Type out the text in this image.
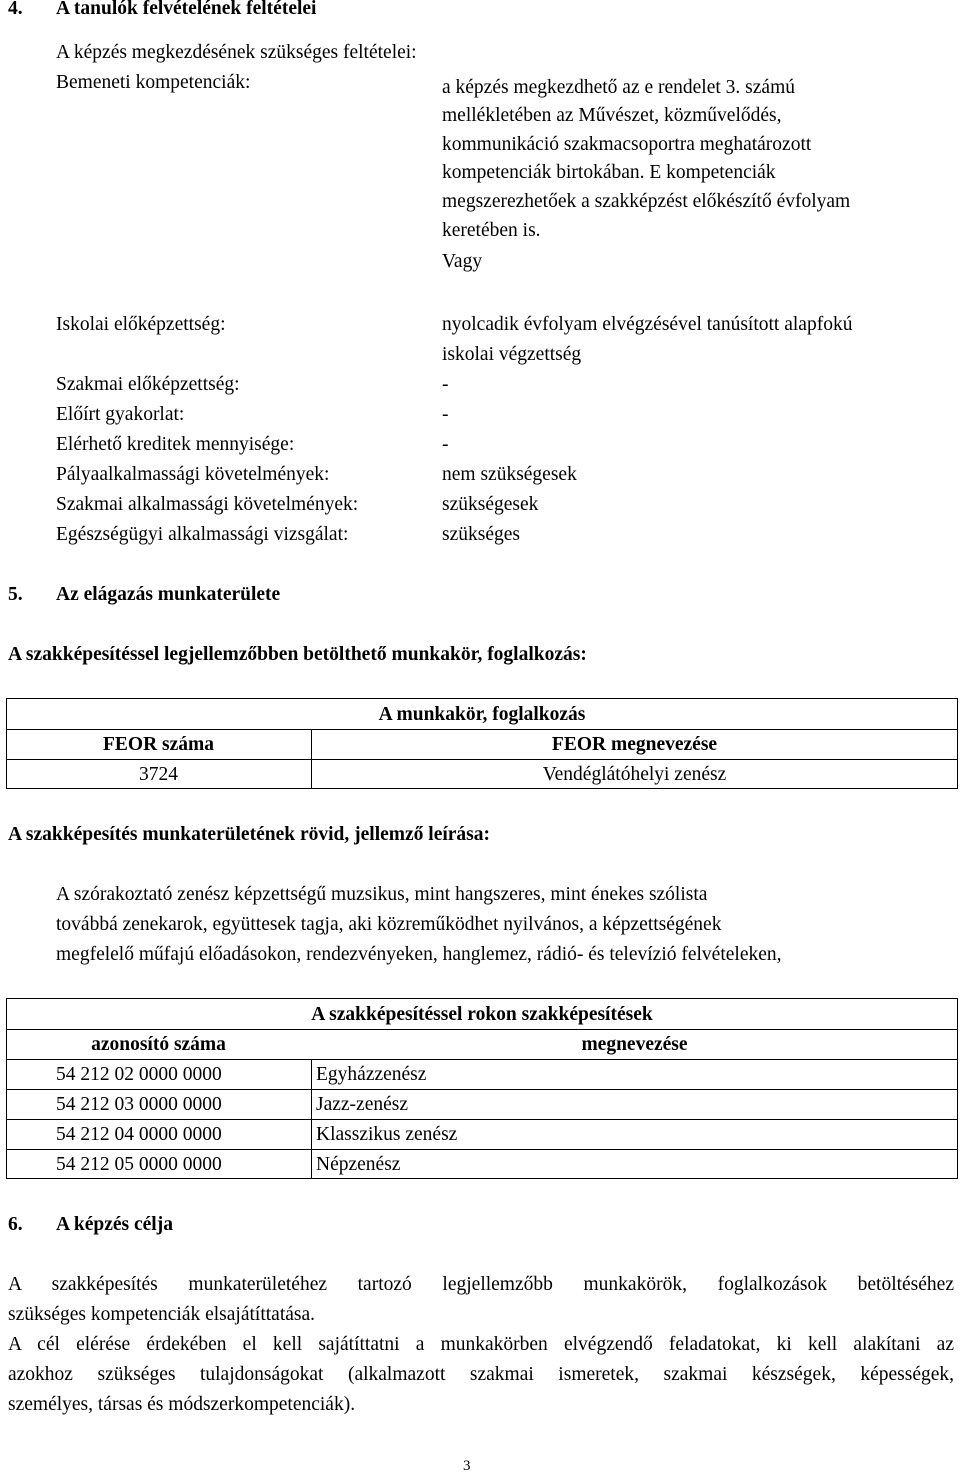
4. A tanulók felvételének feltételei
A képzés megkezdésének szükséges feltételei:
Bemeneti kompetenciák:	a képzés megkezdhető az e rendelet 3. számú
mellékletében az Művészet, közművelődés,
kommunikáció szakmacsoportra meghatározott
kompetenciák birtokában. E kompetenciák
megszerezhetőek a szakképzést előkészítő évfolyam
keretében is.
Vagy
Iskolai előképzettség:	nyolcadik évfolyam elvégzésével tanúsított alapfokú
iskolai végzettség
Szakmai előképzettség:	-
Előírt gyakorlat:	-
Elérhető kreditek mennyisége:	-
Pályaalkalmassági követelmények:	nem szükségesek
Szakmai alkalmassági követelmények:	szükségesek
Egészségügyi alkalmassági vizsgálat:	szükséges
5. Az elágazás munkaterülete
A szakképesítéssel legjellemzőbben betölthető munkakör, foglalkozás:
A munkakör, foglalkozás
FEOR száma	FEOR megnevezése
3724	Vendéglátóhelyi zenész
A szakképesítés munkaterületének rövid, jellemző leírása:
A szórakoztató zenész képzettségű muzsikus, mint hangszeres, mint énekes szólista
továbbá zenekarok, együttesek tagja, aki közreműködhet nyilvános, a képzettségének
megfelelő műfajú előadásokon, rendezvényeken, hanglemez, rádió- és televízió felvételeken,
A szakképesítéssel rokon szakképesítések
azonosító száma	megnevezése
54 212 02 0000 0000	Egyházzenész
54 212 03 0000 0000	Jazz-zenész
54 212 04 0000 0000	Klasszikus zenész
54 212 05 0000 0000	Népzenész
6. A képzés célja
A szakképesítés munkaterületéhez tartozó legjellemzőbb munkakörök, foglalkozások betöltéséhez
szükséges kompetenciák elsajátíttatása.
A cél elérése érdekében el kell sajátíttatni a munkakörben elvégzendő feladatokat, ki kell alakítani az
azokhoz szükséges tulajdonságokat (alkalmazott szakmai ismeretek, szakmai készségek, képességek,
személyes, társas és módszerkompetenciák).
3
